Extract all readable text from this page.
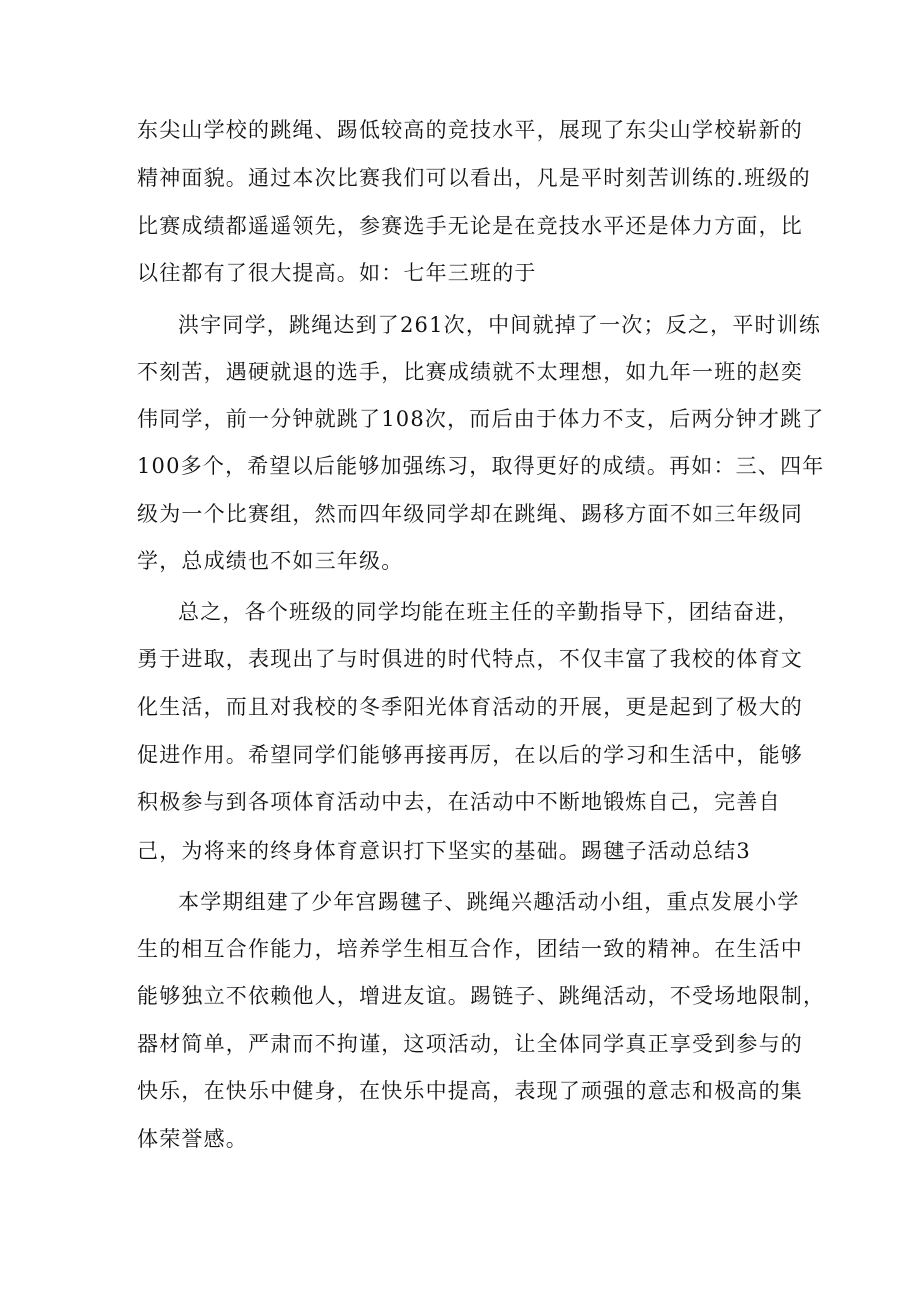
东尖山学校的跳绳、踢低较高的竞技水平，展现了东尖山学校崭新的
精神面貌。通过本次比赛我们可以看出，凡是平时刻苦训练的.班级的
比赛成绩都遥遥领先，参赛选手无论是在竞技水平还是体力方面，比
以往都有了很大提高。如：七年三班的于
洪宇同学，跳绳达到了261次，中间就掉了一次；反之，平时训练
不刻苦，遇硬就退的选手，比赛成绩就不太理想，如九年一班的赵奕
伟同学，前一分钟就跳了108次，而后由于体力不支，后两分钟才跳了
100多个，希望以后能够加强练习，取得更好的成绩。再如：三、四年
级为一个比赛组，然而四年级同学却在跳绳、踢移方面不如三年级同
学，总成绩也不如三年级。
总之，各个班级的同学均能在班主任的辛勤指导下，团结奋进，
勇于进取，表现出了与时俱进的时代特点，不仅丰富了我校的体育文
化生活，而且对我校的冬季阳光体育活动的开展，更是起到了极大的
促进作用。希望同学们能够再接再厉，在以后的学习和生活中，能够
积极参与到各项体育活动中去，在活动中不断地锻炼自己，完善自
己，为将来的终身体育意识打下坚实的基础。踢毽子活动总结3
本学期组建了少年宫踢毽子、跳绳兴趣活动小组，重点发展小学
生的相互合作能力，培养学生相互合作，团结一致的精神。在生活中
能够独立不依赖他人，增进友谊。踢链子、跳绳活动，不受场地限制，
器材简单，严肃而不拘谨，这项活动，让全体同学真正享受到参与的
快乐，在快乐中健身，在快乐中提高，表现了顽强的意志和极高的集
体荣誉感。
